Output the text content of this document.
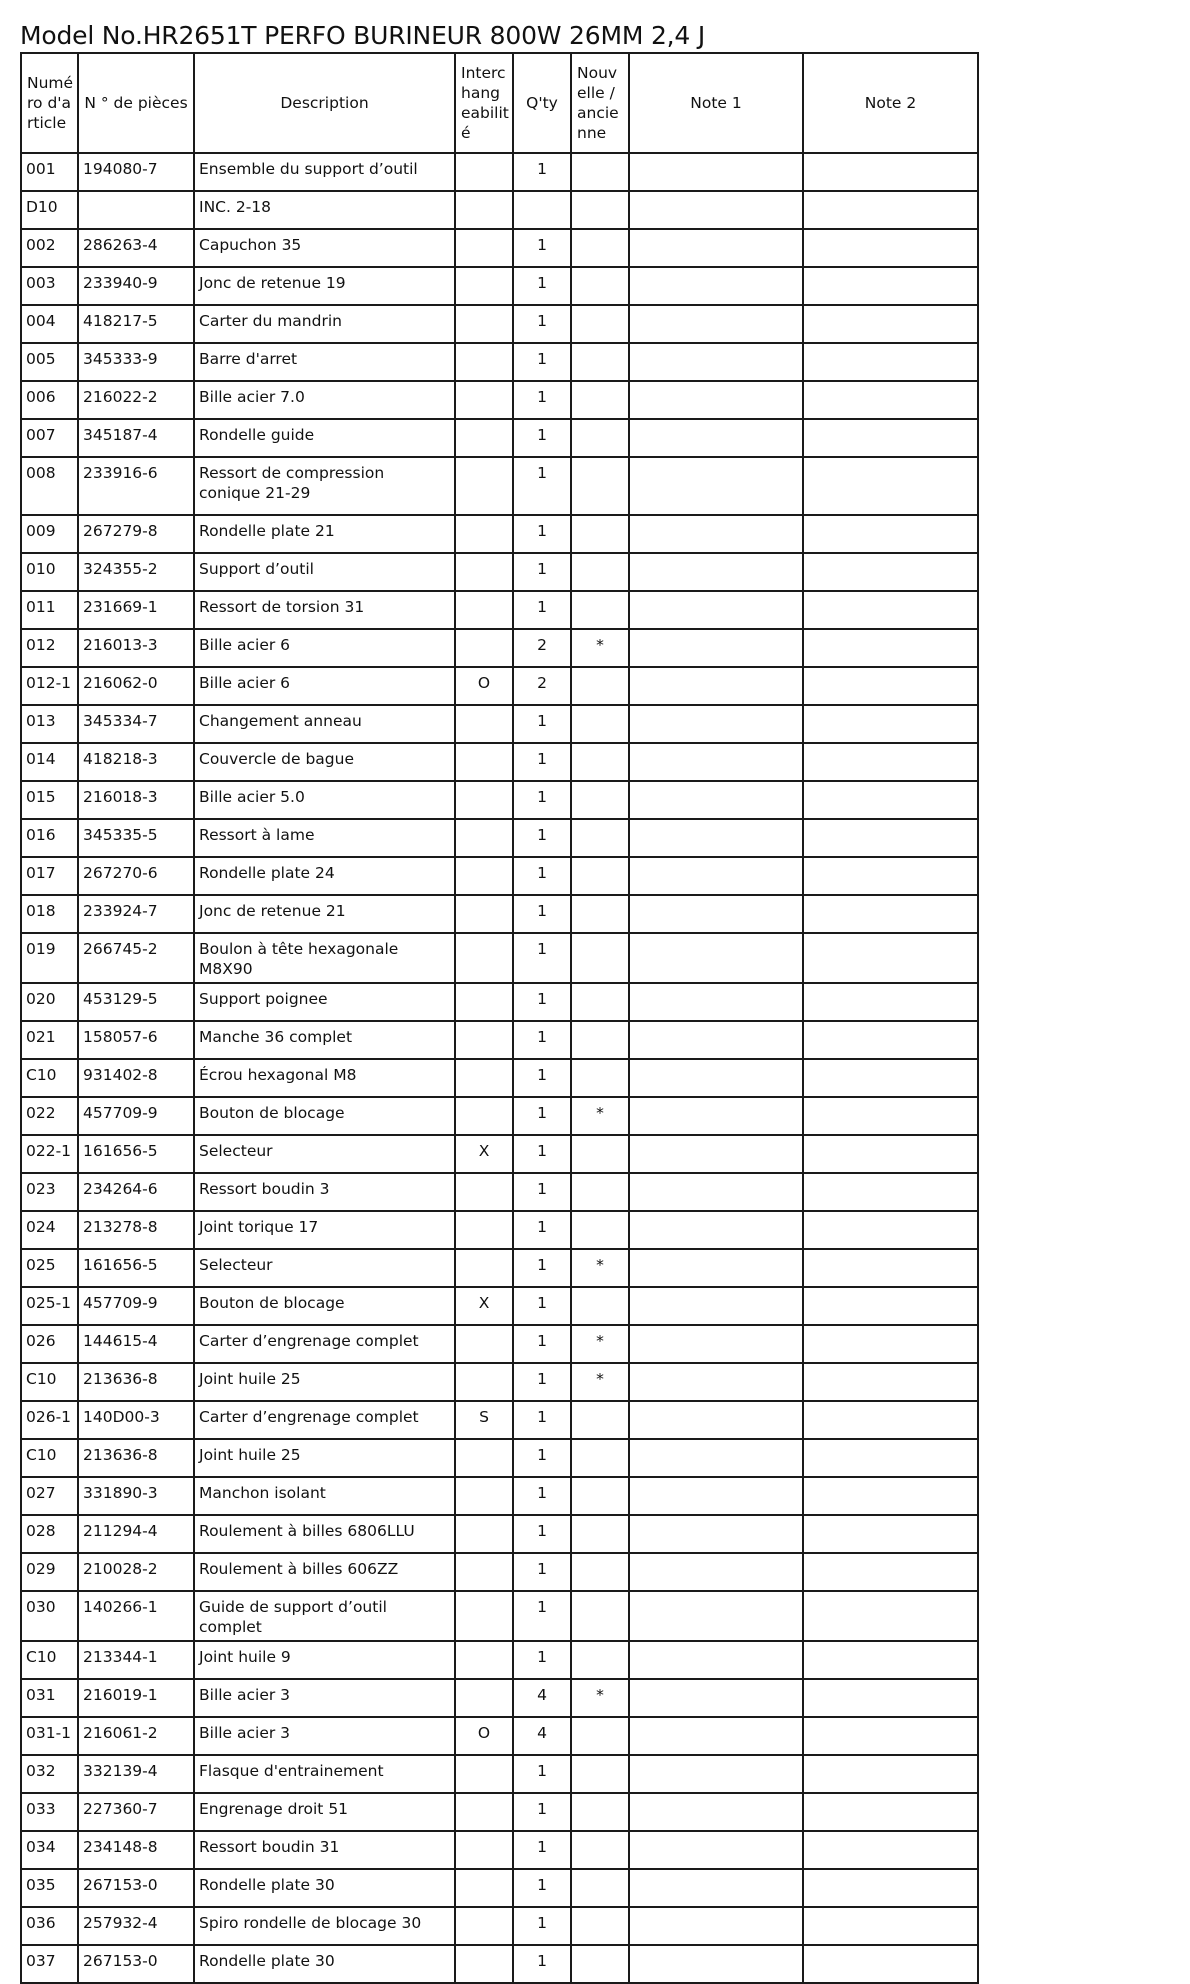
Model No.HR2651T PERFO BURINEUR 800W 26MM 2,4 J
Numé ro d'a rticle	N ° de pièces	Description	Interc hang eabilit é	Q'ty	Nouv elle / ancie nne	Note 1	Note 2
001	194080-7	Ensemble du support d’outil		1			
D10		INC. 2-18					
002	286263-4	Capuchon 35		1			
003	233940-9	Jonc de retenue 19		1			
004	418217-5	Carter du mandrin		1			
005	345333-9	Barre d'arret		1			
006	216022-2	Bille acier 7.0		1			
007	345187-4	Rondelle guide		1			
008	233916-6	Ressort de compression conique 21-29		1			
009	267279-8	Rondelle plate 21		1			
010	324355-2	Support d’outil		1			
011	231669-1	Ressort de torsion 31		1			
012	216013-3	Bille acier 6		2	*		
012-1	216062-0	Bille acier 6	O	2			
013	345334-7	Changement anneau		1			
014	418218-3	Couvercle de bague		1			
015	216018-3	Bille acier 5.0		1			
016	345335-5	Ressort à lame		1			
017	267270-6	Rondelle plate 24		1			
018	233924-7	Jonc de retenue 21		1			
019	266745-2	Boulon à tête hexagonale M8X90		1			
020	453129-5	Support poignee		1			
021	158057-6	Manche 36 complet		1			
C10	931402-8	Écrou hexagonal M8		1			
022	457709-9	Bouton de blocage		1	*		
022-1	161656-5	Selecteur	X	1			
023	234264-6	Ressort boudin 3		1			
024	213278-8	Joint torique 17		1			
025	161656-5	Selecteur		1	*		
025-1	457709-9	Bouton de blocage	X	1			
026	144615-4	Carter d’engrenage complet		1	*		
C10	213636-8	Joint huile 25		1	*		
026-1	140D00-3	Carter d’engrenage complet	S	1			
C10	213636-8	Joint huile 25		1			
027	331890-3	Manchon isolant		1			
028	211294-4	Roulement à billes 6806LLU		1			
029	210028-2	Roulement à billes 606ZZ		1			
030	140266-1	Guide de support d’outil complet		1			
C10	213344-1	Joint huile 9		1			
031	216019-1	Bille acier 3		4	*		
031-1	216061-2	Bille acier 3	O	4			
032	332139-4	Flasque d'entrainement		1			
033	227360-7	Engrenage droit 51		1			
034	234148-8	Ressort boudin 31		1			
035	267153-0	Rondelle plate 30		1			
036	257932-4	Spiro rondelle de blocage 30		1			
037	267153-0	Rondelle plate 30		1			
